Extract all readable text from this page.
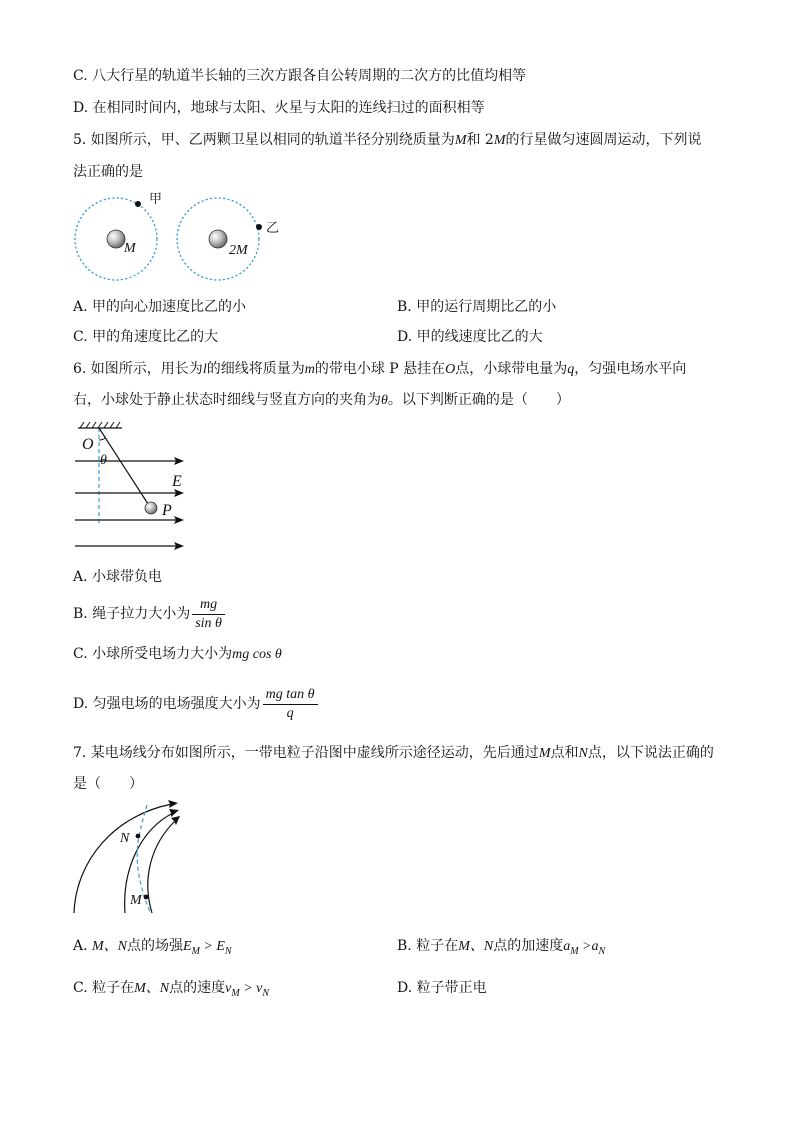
C. 八大行星的轨道半长轴的三次方跟各自公转周期的二次方的比值均相等
D. 在相同时间内，地球与太阳、火星与太阳的连线扫过的面积相等
5. 如图所示，甲、乙两颗卫星以相同的轨道半径分别绕质量为M和 2M的行星做匀速圆周运动，下列说
法正确的是
甲
M
乙
2M
A. 甲的向心加速度比乙的小	B. 甲的运行周期比乙的小
C. 甲的角速度比乙的大	D. 甲的线速度比乙的大
6. 如图所示，用长为l的细线将质量为m的带电小球 P 悬挂在O点，小球带电量为q，匀强电场水平向
右，小球处于静止状态时细线与竖直方向的夹角为θ。以下判断正确的是（　　）
O
θ
E
P
A. 小球带负电
B. 绳子拉力大小为 $\frac{mg}{\text{sin θ}}$
C. 小球所受电场力大小为mg cos θ
D. 匀强电场的电场强度大小为 $\frac{\text{mg tan θ}}{q}$
7. 某电场线分布如图所示，一带电粒子沿图中虚线所示途径运动，先后通过M点和N点，以下说法正确的
是（　　）
N
M
A. M、N点的场强$E_M > E_N$	B. 粒子在M、N点的加速度$a_M >a_N$
C. 粒子在M、N点的速度$v_M > v_N$	D. 粒子带正电
